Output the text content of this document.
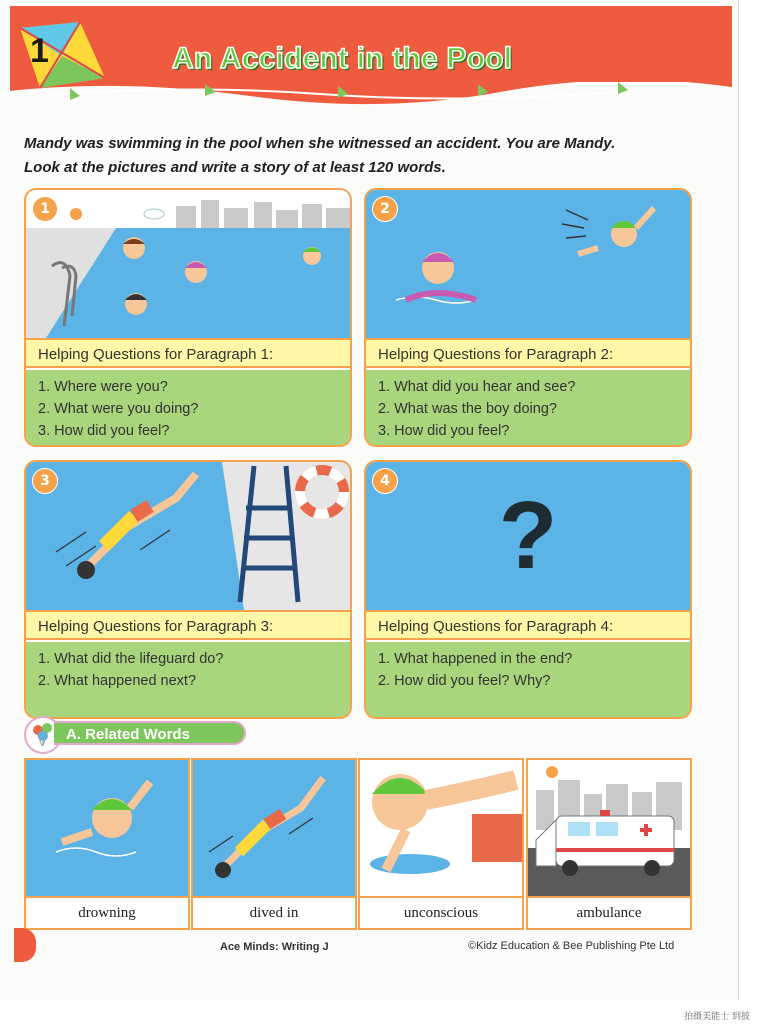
1	An Accident in the Pool

Mandy was swimming in the pool when she witnessed an accident. You are Mandy.

Look at the pictures and write a story of at least 120 words.

1
Helping Questions for Paragraph 1:
1. Where were you?
2. What were you doing?
3. How did you feel?
2
Helping Questions for Paragraph 2:
1. What did you hear and see?
2. What was the boy doing?
3. How did you feel?
3
Helping Questions for Paragraph 3:
1. What did the lifeguard do?
2. What happened next?
?
4
Helping Questions for Paragraph 4:
1. What happened in the end?
2. How did you feel? Why?
A. Related Words
drowning	dived in	unconscious	ambulance
Ace Minds: Writing J	©Kidz Education & Bee Publishing Pte Ltd
拍摄美能士 到披
